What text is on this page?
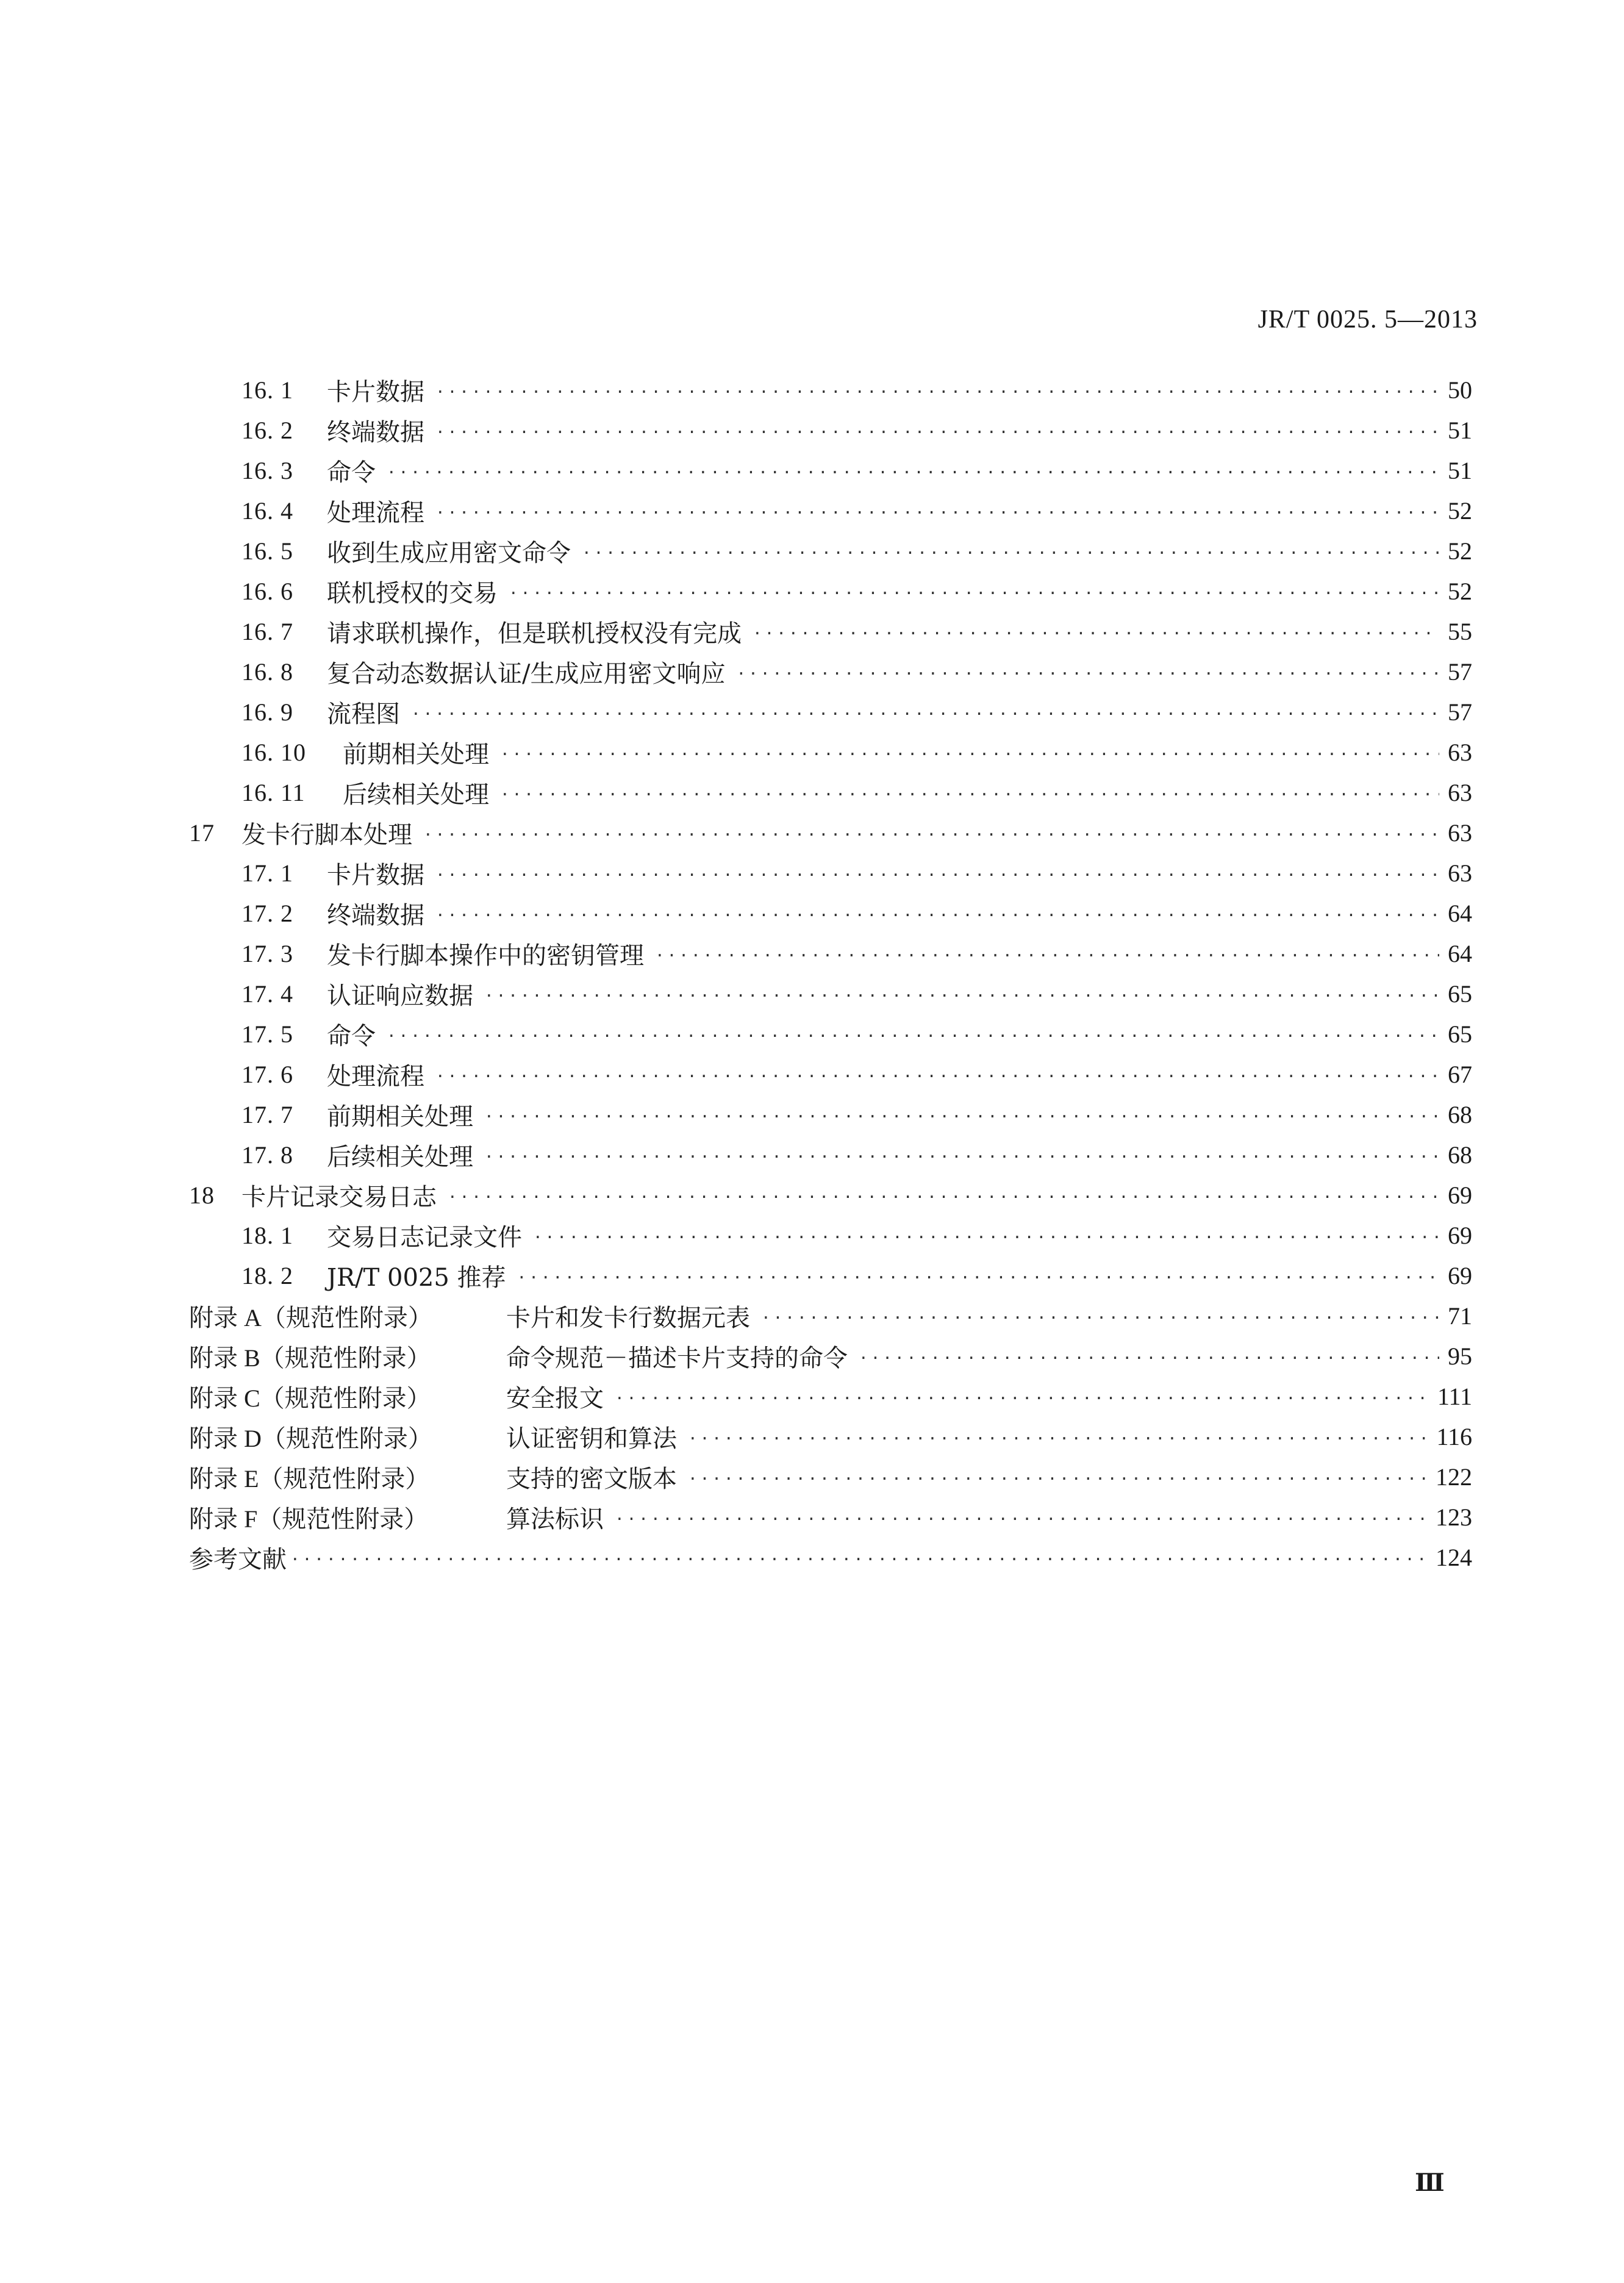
JR/T 0025. 5—2013
16. 1	卡片数据 ·····	50
16. 2	终端数据 ·····	51
16. 3	命令 ·····	51
16. 4	处理流程 ·····	52
16. 5	收到生成应用密文命令 ·····	52
16. 6	联机授权的交易 ·····	52
16. 7	请求联机操作，但是联机授权没有完成 ·····	55
16. 8	复合动态数据认证/生成应用密文响应 ·····	57
16. 9	流程图 ·····	57
16. 10	前期相关处理 ·····	63
16. 11	后续相关处理 ·····	63
17	发卡行脚本处理 ·····	63
17. 1	卡片数据 ·····	63
17. 2	终端数据 ·····	64
17. 3	发卡行脚本操作中的密钥管理 ·····	64
17. 4	认证响应数据 ·····	65
17. 5	命令 ·····	65
17. 6	处理流程 ·····	67
17. 7	前期相关处理 ·····	68
17. 8	后续相关处理 ·····	68
18	卡片记录交易日志 ·····	69
18. 1	交易日志记录文件 ·····	69
18. 2	JR/T 0025 推荐 ·····	69
附录 A（规范性附录）	卡片和发卡行数据元表 ·····	71
附录 B（规范性附录）	命令规范－描述卡片支持的命令 ·····	95
附录 C（规范性附录）	安全报文 ·····	111
附录 D（规范性附录）	认证密钥和算法 ·····	116
附录 E（规范性附录）	支持的密文版本 ·····	122
附录 F（规范性附录）	算法标识 ·····	123
参考文献 ·····	124
Ⅲ
